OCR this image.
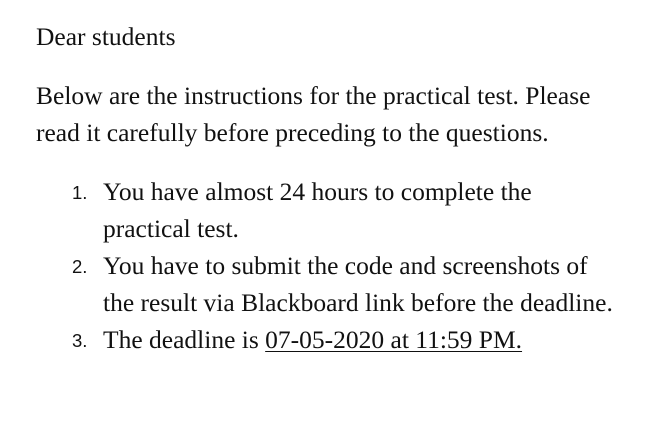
Dear students

Below are the instructions for the practical test. Please read it carefully before preceding to the questions.

1. You have almost 24 hours to complete the practical test.
2. You have to submit the code and screenshots of the result via Blackboard link before the deadline.
3. The deadline is 07-05-2020 at 11:59 PM.
